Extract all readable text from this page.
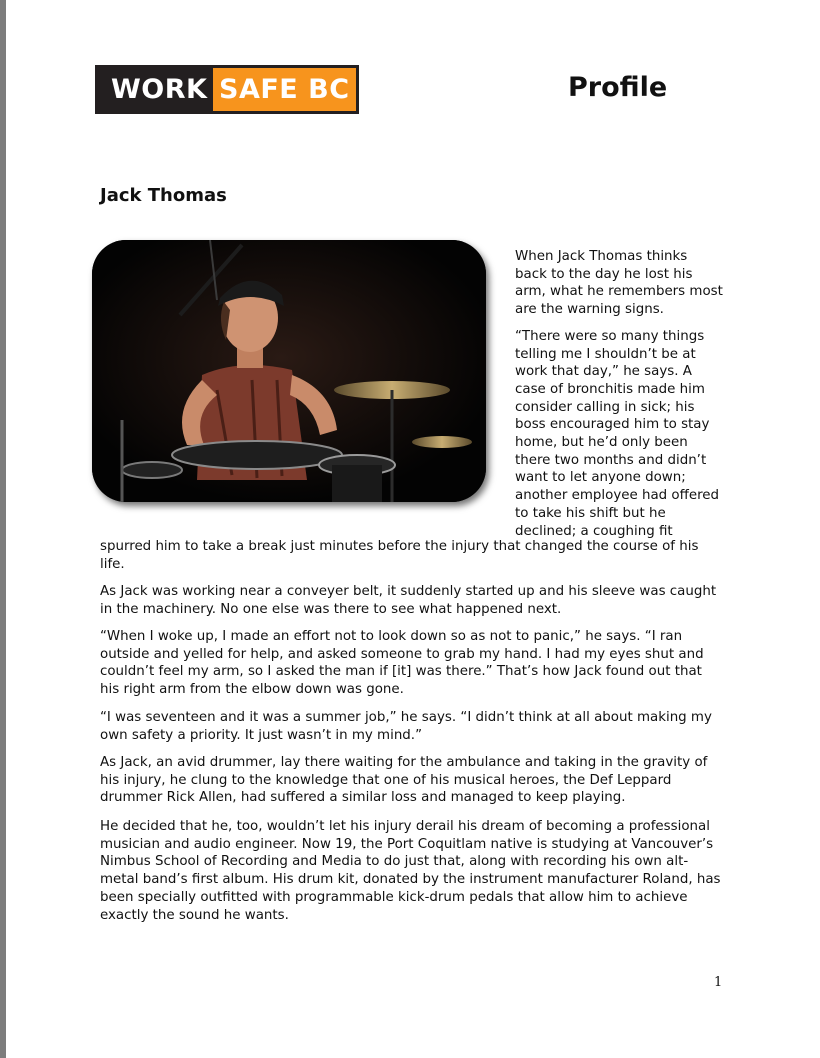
WORK SAFE BC	Profile
Jack Thomas

When Jack Thomas thinks
back to the day he lost his
arm, what he remembers most
are the warning signs.

“There were so many things
telling me I shouldn’t be at
work that day,” he says. A
case of bronchitis made him
consider calling in sick; his
boss encouraged him to stay
home, but he’d only been
there two months and didn’t
want to let anyone down;
another employee had offered
to take his shift but he
declined; a coughing fit

spurred him to take a break just minutes before the injury that changed the course of his
life.

As Jack was working near a conveyer belt, it suddenly started up and his sleeve was caught
in the machinery. No one else was there to see what happened next.

“When I woke up, I made an effort not to look down so as not to panic,” he says. “I ran
outside and yelled for help, and asked someone to grab my hand. I had my eyes shut and
couldn’t feel my arm, so I asked the man if [it] was there.” That’s how Jack found out that
his right arm from the elbow down was gone.

“I was seventeen and it was a summer job,” he says. “I didn’t think at all about making my
own safety a priority. It just wasn’t in my mind.”

As Jack, an avid drummer, lay there waiting for the ambulance and taking in the gravity of
his injury, he clung to the knowledge that one of his musical heroes, the Def Leppard
drummer Rick Allen, had suffered a similar loss and managed to keep playing.

He decided that he, too, wouldn’t let his injury derail his dream of becoming a professional
musician and audio engineer. Now 19, the Port Coquitlam native is studying at Vancouver’s
Nimbus School of Recording and Media to do just that, along with recording his own alt-
metal band’s first album. His drum kit, donated by the instrument manufacturer Roland, has
been specially outfitted with programmable kick-drum pedals that allow him to achieve
exactly the sound he wants.

1
